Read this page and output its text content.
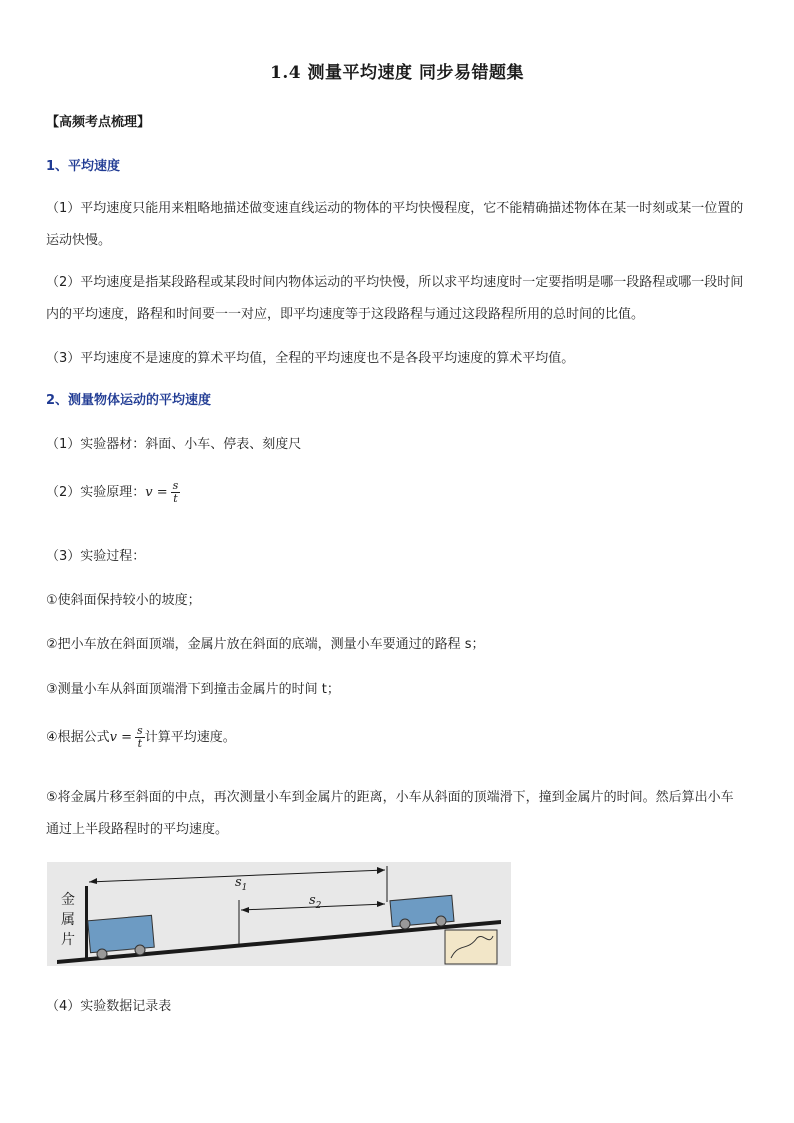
1.4 测量平均速度 同步易错题集
【高频考点梳理】
1、平均速度
（1）平均速度只能用来粗略地描述做变速直线运动的物体的平均快慢程度，它不能精确描述物体在某一时刻或某一位置的运动快慢。
（2）平均速度是指某段路程或某段时间内物体运动的平均快慢，所以求平均速度时一定要指明是哪一段路程或哪一段时间内的平均速度，路程和时间要一一对应，即平均速度等于这段路程与通过这段路程所用的总时间的比值。
（3）平均速度不是速度的算术平均值，全程的平均速度也不是各段平均速度的算术平均值。
2、测量物体运动的平均速度
（1）实验器材：斜面、小车、停表、刻度尺
（2）实验原理：$v = \frac{s}{t}$
（3）实验过程：
①使斜面保持较小的坡度；
②把小车放在斜面顶端，金属片放在斜面的底端，测量小车要通过的路程 s；
③测量小车从斜面顶端滑下到撞击金属片的时间 t；
④根据公式$v = \frac{s}{t}$ 计算平均速度。
⑤将金属片移至斜面的中点，再次测量小车到金属片的距离，小车从斜面的顶端滑下，撞到金属片的时间。然后算出小车通过上半段路程时的平均速度。
金
属
片
$s_1$
$s_2$
（4）实验数据记录表
